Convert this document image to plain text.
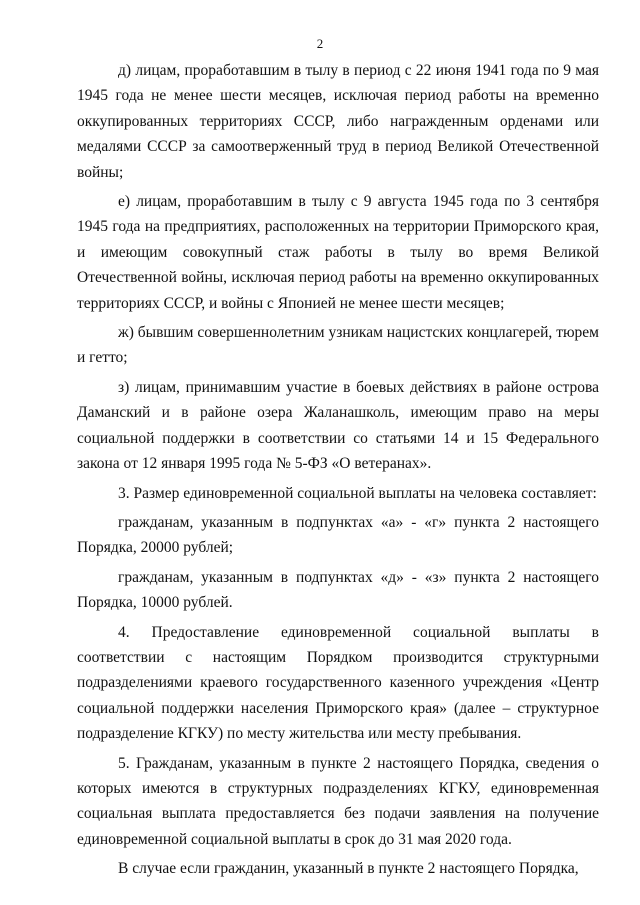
2

д) лицам, проработавшим в тылу в период с 22 июня 1941 года по 9 мая 1945 года не менее шести месяцев, исключая период работы на временно оккупированных территориях СССР, либо награжденным орденами или медалями СССР за самоотверженный труд в период Великой Отечественной войны;

е) лицам, проработавшим в тылу с 9 августа 1945 года по 3 сентября 1945 года на предприятиях, расположенных на территории Приморского края, и имеющим совокупный стаж работы в тылу во время Великой Отечественной войны, исключая период работы на временно оккупированных территориях СССР, и войны с Японией не менее шести месяцев;

ж) бывшим совершеннолетним узникам нацистских концлагерей, тюрем и гетто;

з) лицам, принимавшим участие в боевых действиях в районе острова Даманский и в районе озера Жаланашколь, имеющим право на меры социальной поддержки в соответствии со статьями 14 и 15 Федерального закона от 12 января 1995 года № 5-ФЗ «О ветеранах».

3. Размер единовременной социальной выплаты на человека составляет:

гражданам, указанным в подпунктах «а» - «г» пункта 2 настоящего Порядка, 20000 рублей;

гражданам, указанным в подпунктах «д» - «з» пункта 2 настоящего Порядка, 10000 рублей.

4. Предоставление единовременной социальной выплаты в соответствии с настоящим Порядком производится структурными подразделениями краевого государственного казенного учреждения «Центр социальной поддержки населения Приморского края» (далее – структурное подразделение КГКУ) по месту жительства или месту пребывания.

5. Гражданам, указанным в пункте 2 настоящего Порядка, сведения о которых имеются в структурных подразделениях КГКУ, единовременная социальная выплата предоставляется без подачи заявления на получение единовременной социальной выплаты в срок до 31 мая 2020 года.

В случае если гражданин, указанный в пункте 2 настоящего Порядка,
